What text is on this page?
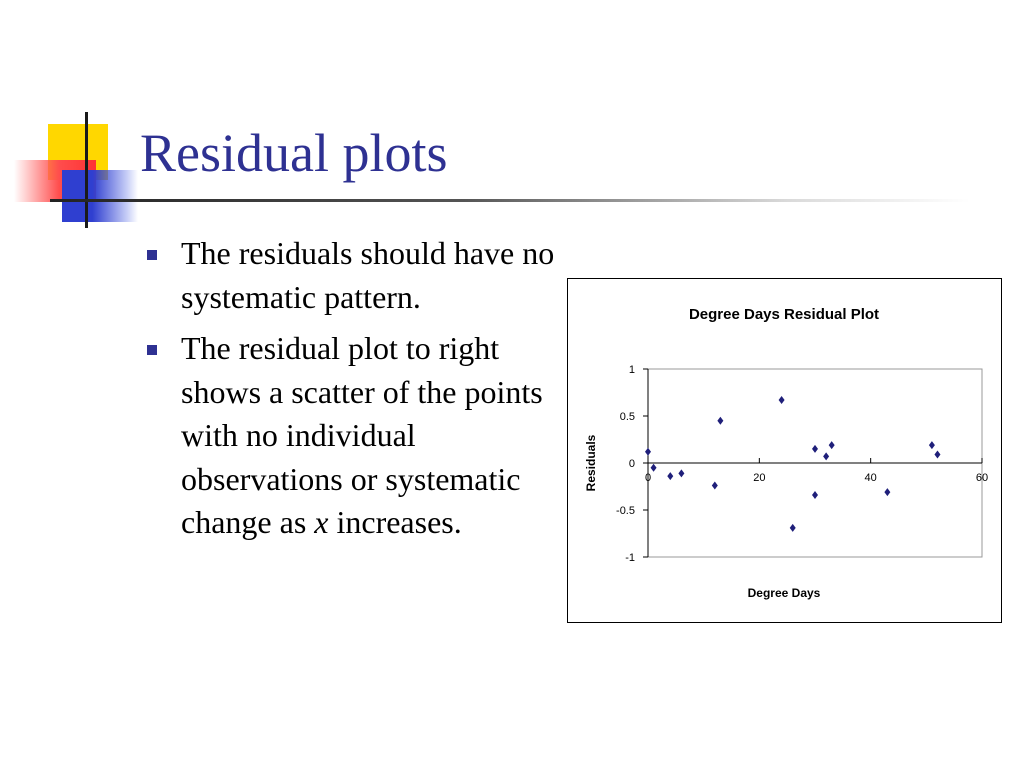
Residual plots
The residuals should have no systematic pattern.
The residual plot to right shows a scatter of the points with no individual observations or systematic change as x increases.
Degree Days Residual Plot
1
0.5
0
-0.5
-1
0	20	40	60
Degree Days
Residuals
